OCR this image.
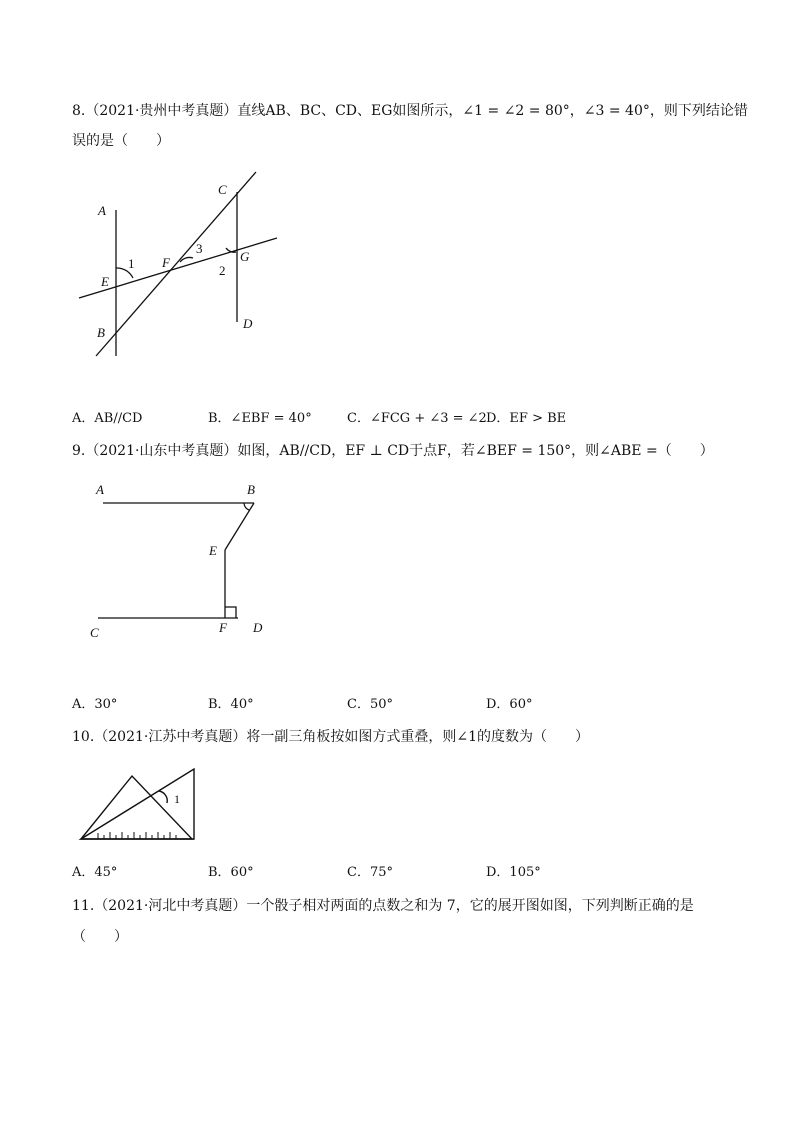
8.（2021·贵州中考真题）直线AB、BC、CD、EG如图所示，∠1 = ∠2 = 80°，∠3 = 40°，则下列结论错
误的是（　　）
A
C
E
F	G
B
D
1
3
2
A．AB//CD	B．∠EBF = 40°	C．∠FCG + ∠3 = ∠2 D．EF > BE
9.（2021·山东中考真题）如图，AB//CD，EF ⊥ CD于点F，若∠BEF = 150°，则∠ABE =（　　）
A	B
E
C	F D
A．30°	B．40°	C．50°	D．60°
10.（2021·江苏中考真题）将一副三角板按如图方式重叠，则∠1的度数为（　　）
1
A．45°	B．60°	C．75°	D．105°
11.（2021·河北中考真题）一个骰子相对两面的点数之和为 7，它的展开图如图，下列判断正确的是
（　　）
